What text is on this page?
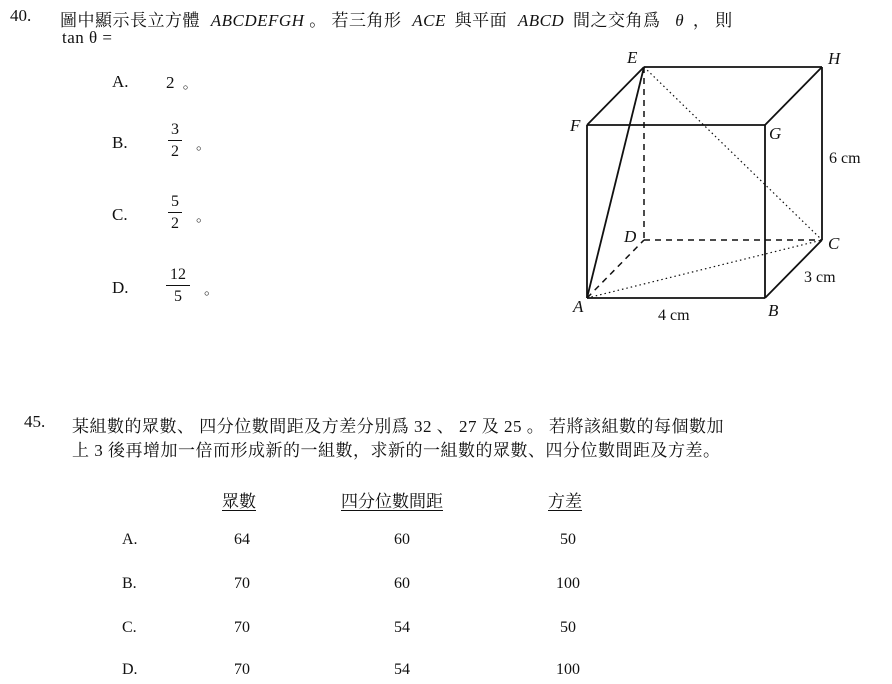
40. 圖中顯示長立方體 ABCDEFGH 。 若三角形 ACE 與平面 ABCD 間之交角爲 θ ， 則
tan θ =
A. 2 。
B.
3
2 。
C.
5
2 。
D.
12
5	。
A	B
C
D
E
F	G
H
6 cm
3 cm
4 cm
45. 某組數的眾數、 四分位數間距及方差分別爲 32 、 27 及 25 。 若將該組數的每個數加
上 3 後再增加一倍而形成新的一組數，求新的一組數的眾數、四分位數間距及方差。
眾數	四分位數間距	方差
A.	64	60	50
B.	70	60	100
C.	70	54	50
D.	70	54	100
